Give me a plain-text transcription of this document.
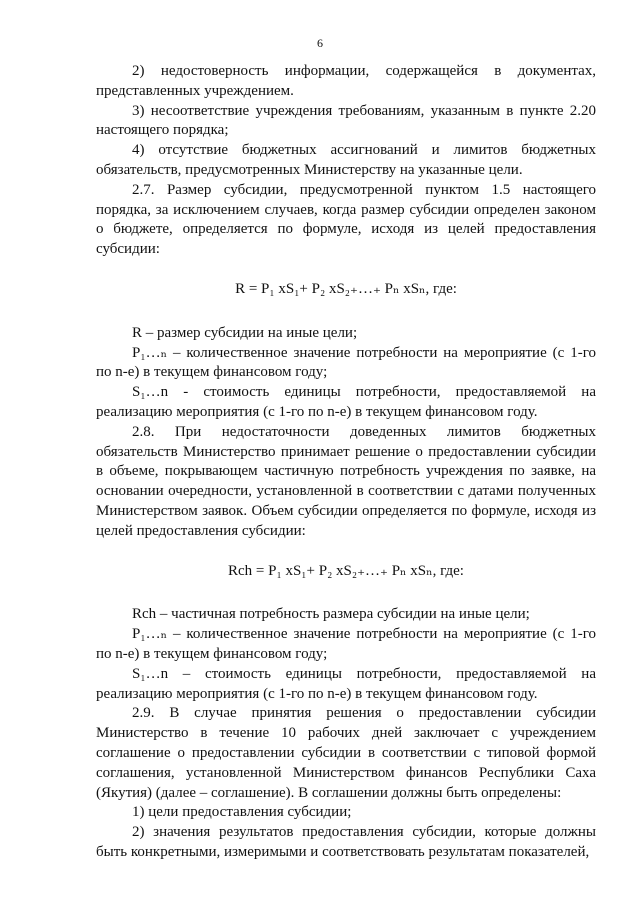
6

2) недостоверность информации, содержащейся в документах, представленных учреждением.

3) несоответствие учреждения требованиям, указанным в пункте 2.20 настоящего порядка;

4) отсутствие бюджетных ассигнований и лимитов бюджетных обязательств, предусмотренных Министерству на указанные цели.

2.7. Размер субсидии, предусмотренной пунктом 1.5 настоящего порядка, за исключением случаев, когда размер субсидии определен законом о бюджете, определяется по формуле, исходя из целей предоставления субсидии:

R = P₁ xS₁+ P₂ xS₂₊…₊ Pₙ xSₙ, где:

R – размер субсидии на иные цели;

P₁…ₙ – количественное значение потребности на мероприятие (с 1-го по n-е) в текущем финансовом году;

S₁…n - стоимость единицы потребности, предоставляемой на реализацию мероприятия (с 1-го по n-е) в текущем финансовом году.

2.8. При недостаточности доведенных лимитов бюджетных обязательств Министерство принимает решение о предоставлении субсидии в объеме, покрывающем частичную потребность учреждения по заявке, на основании очередности, установленной в соответствии с датами полученных Министерством заявок. Объем субсидии определяется по формуле, исходя из целей предоставления субсидии:

Rch = P₁ xS₁+ P₂ xS₂₊…₊ Pₙ xSₙ, где:

Rch – частичная потребность размера субсидии на иные цели;

P₁…ₙ – количественное значение потребности на мероприятие (с 1-го по n-е) в текущем финансовом году;

S₁…n – стоимость единицы потребности, предоставляемой на реализацию мероприятия (с 1-го по n-е) в текущем финансовом году.

2.9. В случае принятия решения о предоставлении субсидии Министерство в течение 10 рабочих дней заключает с учреждением соглашение о предоставлении субсидии в соответствии с типовой формой соглашения, установленной Министерством финансов Республики Саха (Якутия) (далее – соглашение). В соглашении должны быть определены:

1) цели предоставления субсидии;

2) значения результатов предоставления субсидии, которые должны быть конкретными, измеримыми и соответствовать результатам показателей,
